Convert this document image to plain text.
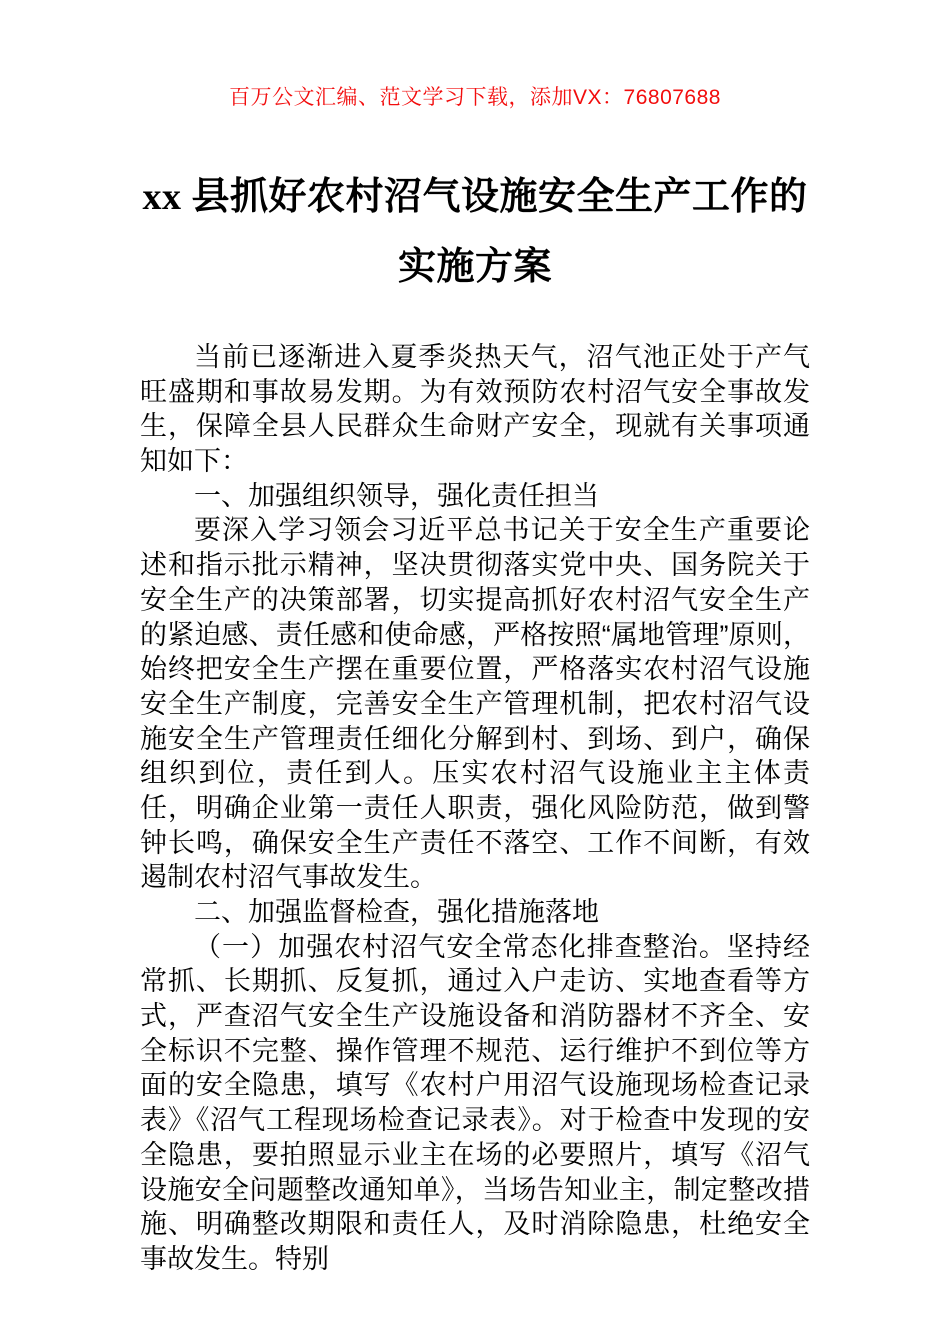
百万公文汇编、范文学习下载，添加VX：76807688
xx 县抓好农村沼气设施安全生产工作的实施方案

当前已逐渐进入夏季炎热天气，沼气池正处于产气旺盛期和事故易发期。为有效预防农村沼气安全事故发生，保障全县人民群众生命财产安全，现就有关事项通知如下：

一、加强组织领导，强化责任担当

要深入学习领会习近平总书记关于安全生产重要论述和指示批示精神，坚决贯彻落实党中央、国务院关于安全生产的决策部署，切实提高抓好农村沼气安全生产的紧迫感、责任感和使命感，严格按照“属地管理”原则，始终把安全生产摆在重要位置，严格落实农村沼气设施安全生产制度，完善安全生产管理机制，把农村沼气设施安全生产管理责任细化分解到村、到场、到户，确保组织到位，责任到人。压实农村沼气设施业主主体责任，明确企业第一责任人职责，强化风险防范，做到警钟长鸣，确保安全生产责任不落空、工作不间断，有效遏制农村沼气事故发生。

二、加强监督检查，强化措施落地

（一）加强农村沼气安全常态化排查整治。坚持经常抓、长期抓、反复抓，通过入户走访、实地查看等方式，严查沼气安全生产设施设备和消防器材不齐全、安全标识不完整、操作管理不规范、运行维护不到位等方面的安全隐患，填写《农村户用沼气设施现场检查记录表》《沼气工程现场检查记录表》。对于检查中发现的安全隐患，要拍照显示业主在场的必要照片，填写《沼气设施安全问题整改通知单》，当场告知业主，制定整改措施、明确整改期限和责任人，及时消除隐患，杜绝安全事故发生。特别
